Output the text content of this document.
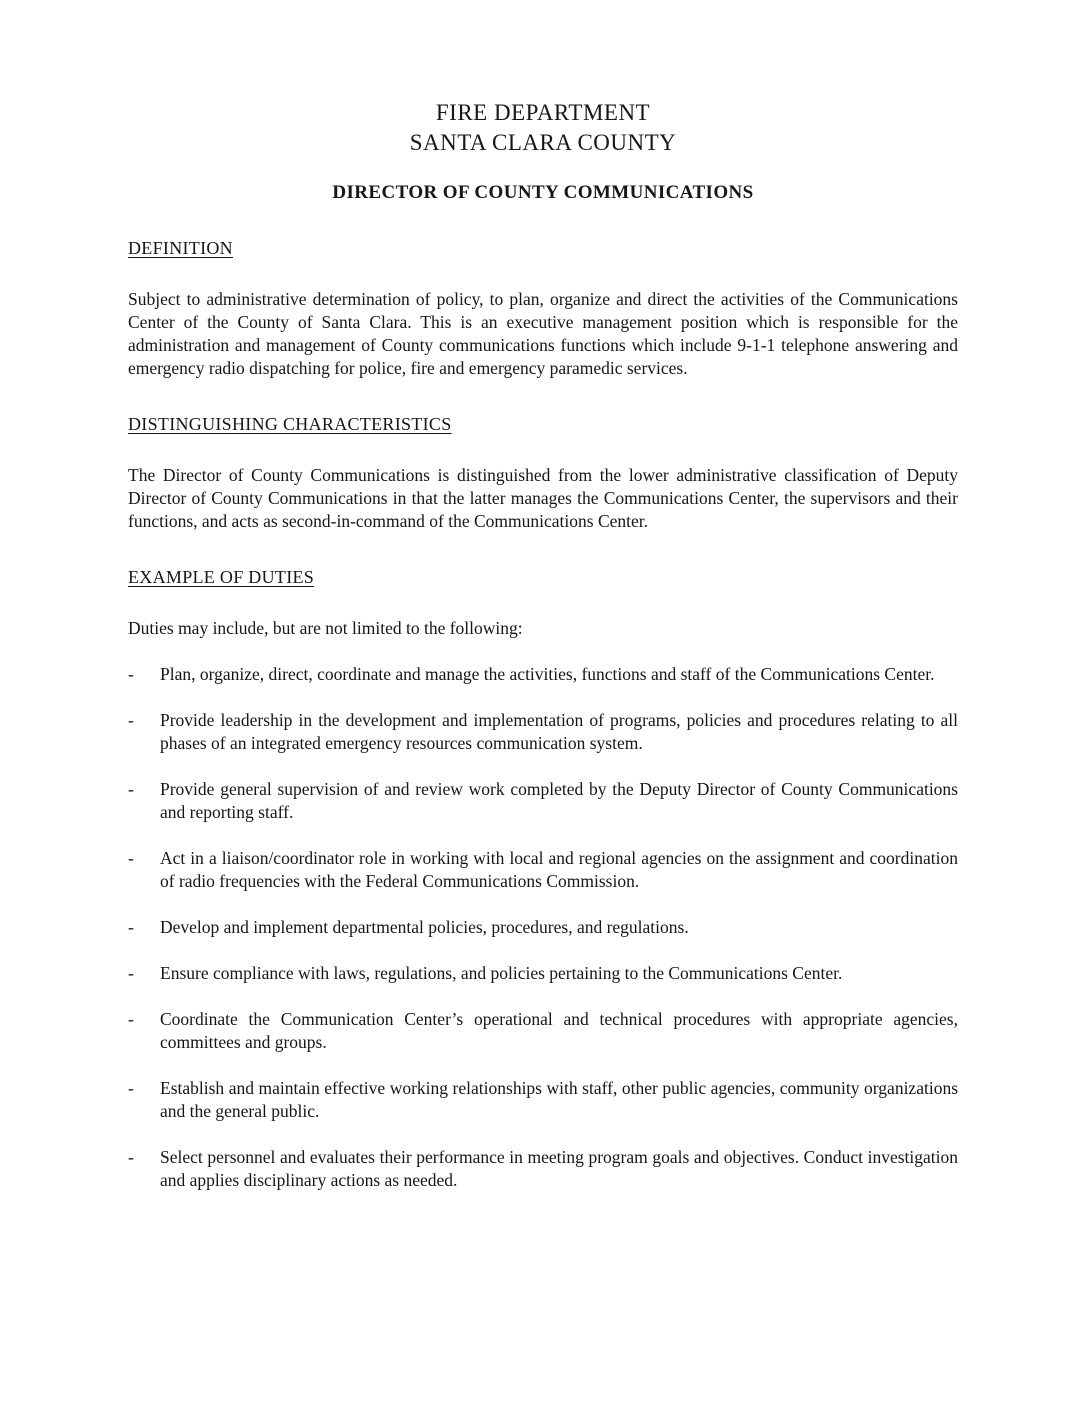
FIRE DEPARTMENT
SANTA CLARA COUNTY
DIRECTOR OF COUNTY COMMUNICATIONS
DEFINITION

Subject to administrative determination of policy, to plan, organize and direct the activities of the Communications Center of the County of Santa Clara. This is an executive management position which is responsible for the administration and management of County communications functions which include 9-1-1 telephone answering and emergency radio dispatching for police, fire and emergency paramedic services.

DISTINGUISHING CHARACTERISTICS

The Director of County Communications is distinguished from the lower administrative classification of Deputy Director of County Communications in that the latter manages the Communications Center, the supervisors and their functions, and acts as second-in-command of the Communications Center.

EXAMPLE OF DUTIES

Duties may include, but are not limited to the following:

-	Plan, organize, direct, coordinate and manage the activities, functions and staff of the Communications Center.
-	Provide leadership in the development and implementation of programs, policies and procedures relating to all phases of an integrated emergency resources communication system.
-	Provide general supervision of and review work completed by the Deputy Director of County Communications and reporting staff.
-	Act in a liaison/coordinator role in working with local and regional agencies on the assignment and coordination of radio frequencies with the Federal Communications Commission.
-	Develop and implement departmental policies, procedures, and regulations.
-	Ensure compliance with laws, regulations, and policies pertaining to the Communications Center.
-	Coordinate the Communication Center’s operational and technical procedures with appropriate agencies, committees and groups.
-	Establish and maintain effective working relationships with staff, other public agencies, community organizations and the general public.
-	Select personnel and evaluates their performance in meeting program goals and objectives. Conduct investigation and applies disciplinary actions as needed.
